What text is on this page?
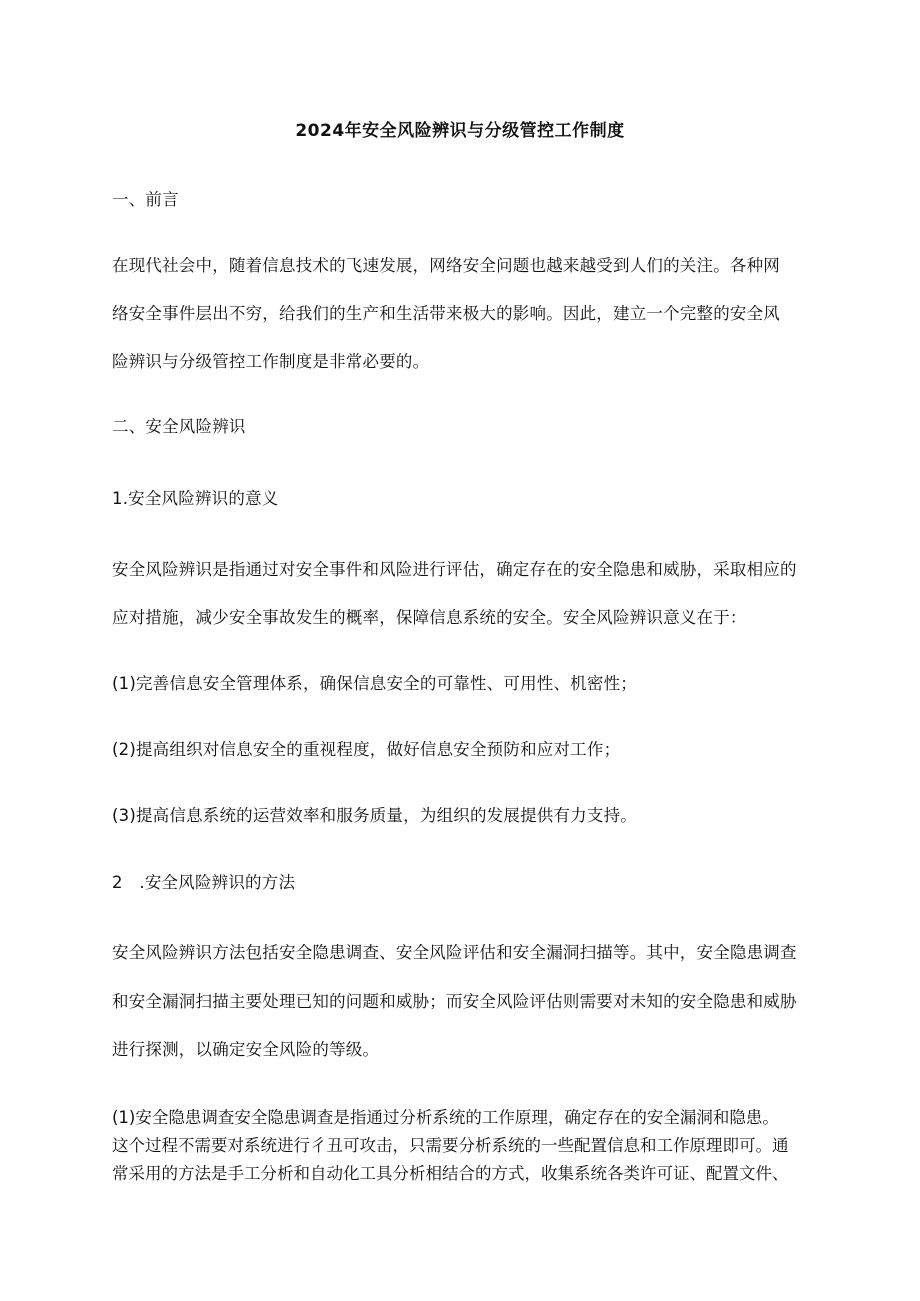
2024年安全风险辨识与分级管控工作制度
一、前言
在现代社会中，随着信息技术的飞速发展，网络安全问题也越来越受到人们的关注。各种网
络安全事件层出不穷，给我们的生产和生活带来极大的影响。因此，建立一个完整的安全风
险辨识与分级管控工作制度是非常必要的。
二、安全风险辨识
1.安全风险辨识的意义
安全风险辨识是指通过对安全事件和风险进行评估，确定存在的安全隐患和威胁，采取相应的
应对措施，减少安全事故发生的概率，保障信息系统的安全。安全风险辨识意义在于：
(1)完善信息安全管理体系，确保信息安全的可靠性、可用性、机密性；
(2)提高组织对信息安全的重视程度，做好信息安全预防和应对工作；
(3)提高信息系统的运营效率和服务质量，为组织的发展提供有力支持。
2　.安全风险辨识的方法
安全风险辨识方法包括安全隐患调查、安全风险评估和安全漏洞扫描等。其中，安全隐患调查
和安全漏洞扫描主要处理已知的问题和威胁；而安全风险评估则需要对未知的安全隐患和威胁
进行探测，以确定安全风险的等级。
(1)安全隐患调查安全隐患调查是指通过分析系统的工作原理，确定存在的安全漏洞和隐患。
这个过程不需要对系统进行彳丑可攻击，只需要分析系统的一些配置信息和工作原理即可。通
常采用的方法是手工分析和自动化工具分析相结合的方式，收集系统各类许可证、配置文件、
